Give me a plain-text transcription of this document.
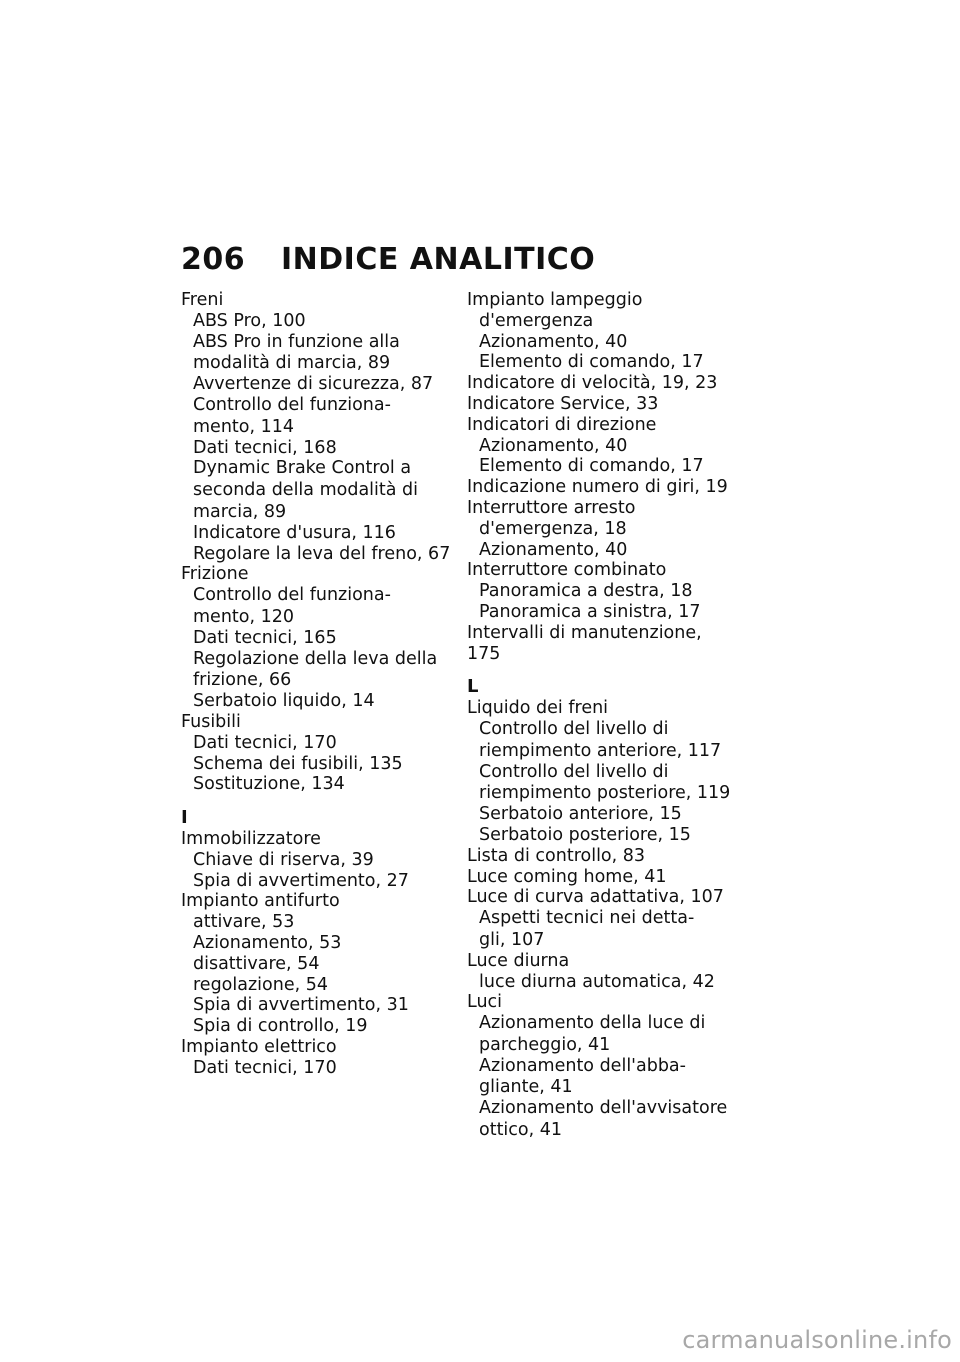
206	INDICE ANALITICO
Freni
ABS Pro, 100
ABS Pro in funzione alla
modalità di marcia, 89
Avvertenze di sicurezza, 87
Controllo del funziona-
mento, 114
Dati tecnici, 168
Dynamic Brake Control a
seconda della modalità di
marcia, 89
Indicatore d'usura, 116
Regolare la leva del freno, 67
Frizione
Controllo del funziona-
mento, 120
Dati tecnici, 165
Regolazione della leva della
frizione, 66
Serbatoio liquido, 14
Fusibili
Dati tecnici, 170
Schema dei fusibili, 135
Sostituzione, 134
I
Immobilizzatore
Chiave di riserva, 39
Spia di avvertimento, 27
Impianto antifurto
attivare, 53
Azionamento, 53
disattivare, 54
regolazione, 54
Spia di avvertimento, 31
Spia di controllo, 19
Impianto elettrico
Dati tecnici, 170
Impianto lampeggio
d'emergenza
Azionamento, 40
Elemento di comando, 17
Indicatore di velocità, 19, 23
Indicatore Service, 33
Indicatori di direzione
Azionamento, 40
Elemento di comando, 17
Indicazione numero di giri, 19
Interruttore arresto
d'emergenza, 18
Azionamento, 40
Interruttore combinato
Panoramica a destra, 18
Panoramica a sinistra, 17
Intervalli di manutenzione, 175
L
Liquido dei freni
Controllo del livello di
riempimento anteriore, 117
Controllo del livello di
riempimento posteriore, 119
Serbatoio anteriore, 15
Serbatoio posteriore, 15
Lista di controllo, 83
Luce coming home, 41
Luce di curva adattativa, 107
Aspetti tecnici nei detta-
gli, 107
Luce diurna
luce diurna automatica, 42
Luci
Azionamento della luce di
parcheggio, 41
Azionamento dell'abba-
gliante, 41
Azionamento dell'avvisatore
ottico, 41
carmanualsonline.info
